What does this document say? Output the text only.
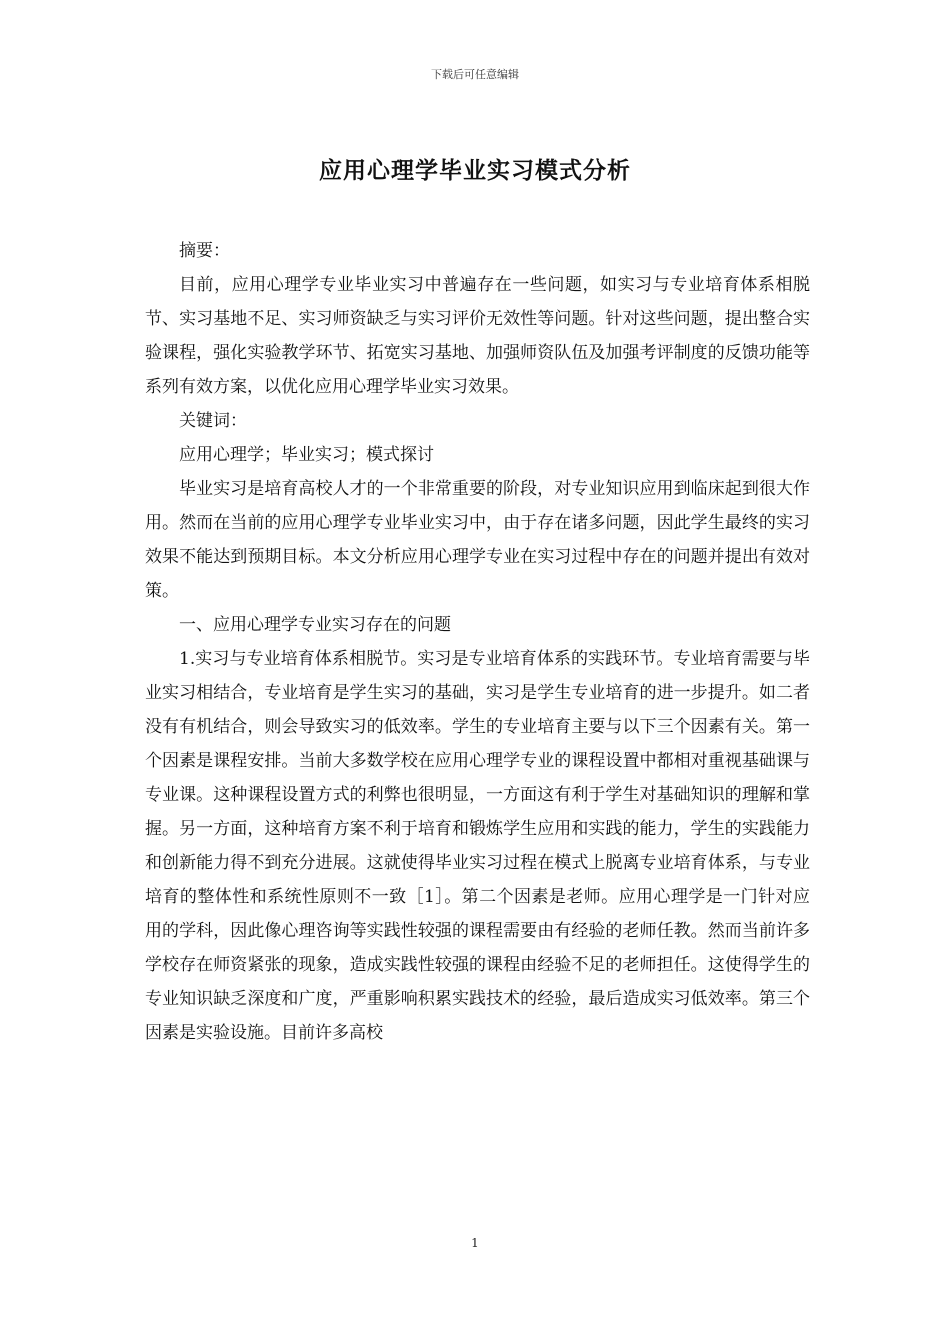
下载后可任意编辑
应用心理学毕业实习模式分析

摘要：

目前，应用心理学专业毕业实习中普遍存在一些问题，如实习与专业培育体系相脱节、实习基地不足、实习师资缺乏与实习评价无效性等问题。针对这些问题，提出整合实验课程，强化实验教学环节、拓宽实习基地、加强师资队伍及加强考评制度的反馈功能等系列有效方案，以优化应用心理学毕业实习效果。

关键词：

应用心理学；毕业实习；模式探讨

毕业实习是培育高校人才的一个非常重要的阶段，对专业知识应用到临床起到很大作用。然而在当前的应用心理学专业毕业实习中，由于存在诸多问题，因此学生最终的实习效果不能达到预期目标。本文分析应用心理学专业在实习过程中存在的问题并提出有效对策。

一、应用心理学专业实习存在的问题

1.实习与专业培育体系相脱节。实习是专业培育体系的实践环节。专业培育需要与毕业实习相结合，专业培育是学生实习的基础，实习是学生专业培育的进一步提升。如二者没有有机结合，则会导致实习的低效率。学生的专业培育主要与以下三个因素有关。第一个因素是课程安排。当前大多数学校在应用心理学专业的课程设置中都相对重视基础课与专业课。这种课程设置方式的利弊也很明显，一方面这有利于学生对基础知识的理解和掌握。另一方面，这种培育方案不利于培育和锻炼学生应用和实践的能力，学生的实践能力和创新能力得不到充分进展。这就使得毕业实习过程在模式上脱离专业培育体系，与专业培育的整体性和系统性原则不一致［1］。第二个因素是老师。应用心理学是一门针对应用的学科，因此像心理咨询等实践性较强的课程需要由有经验的老师任教。然而当前许多学校存在师资紧张的现象，造成实践性较强的课程由经验不足的老师担任。这使得学生的专业知识缺乏深度和广度，严重影响积累实践技术的经验，最后造成实习低效率。第三个因素是实验设施。目前许多高校

1
